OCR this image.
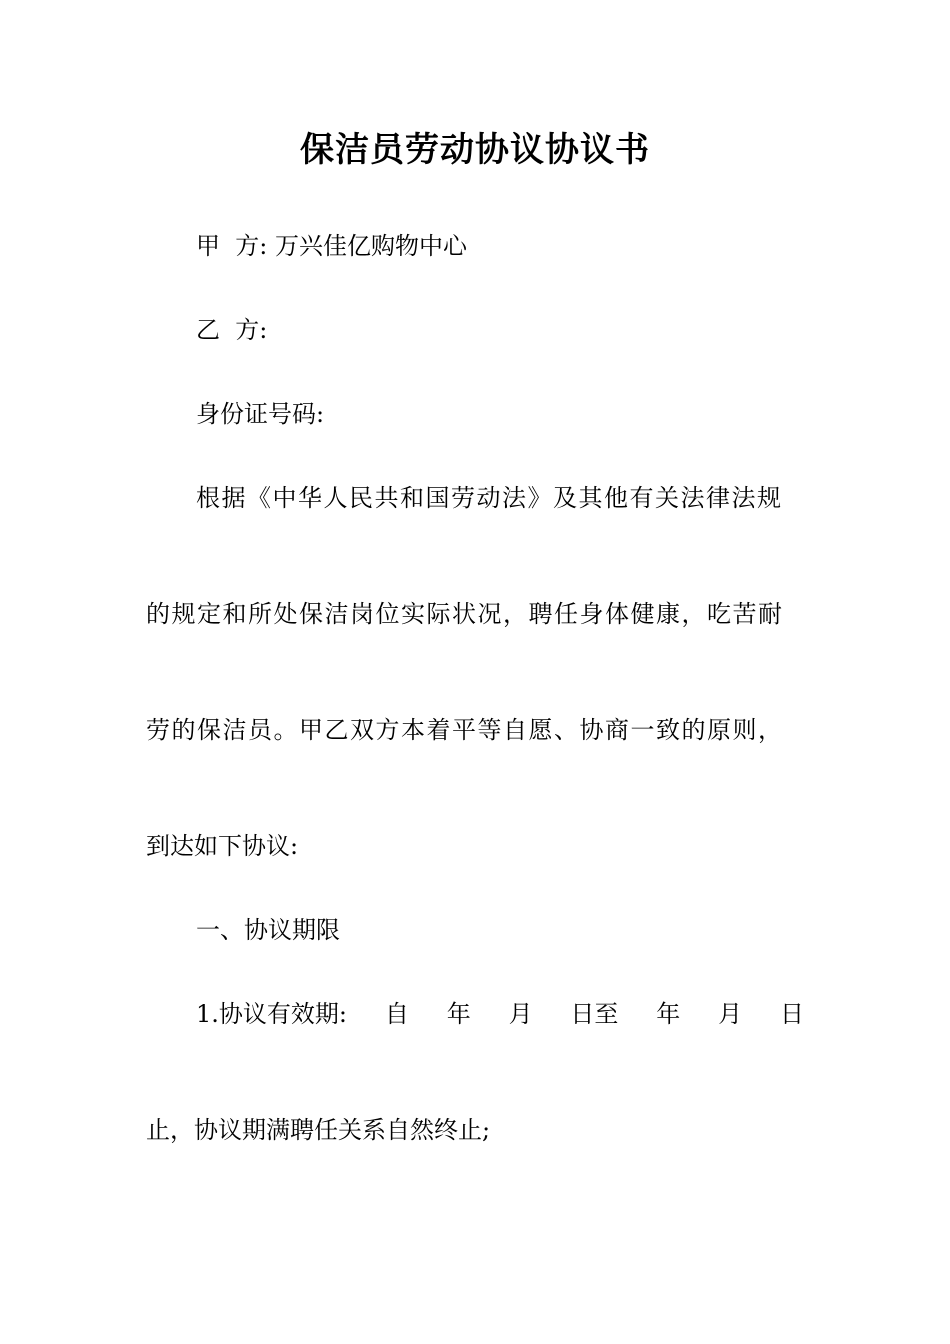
保洁员劳动协议协议书
甲  方: 万兴佳亿购物中心
乙  方:
身份证号码:
根据《中华人民共和国劳动法》及其他有关法律法规
的规定和所处保洁岗位实际状况，聘任身体健康，吃苦耐
劳的保洁员。甲乙双方本着平等自愿、协商一致的原则，
到达如下协议:
一、协议期限
1.协议有效期: 自 年 月 日至 年 月 日
止，协议期满聘任关系自然终止;
